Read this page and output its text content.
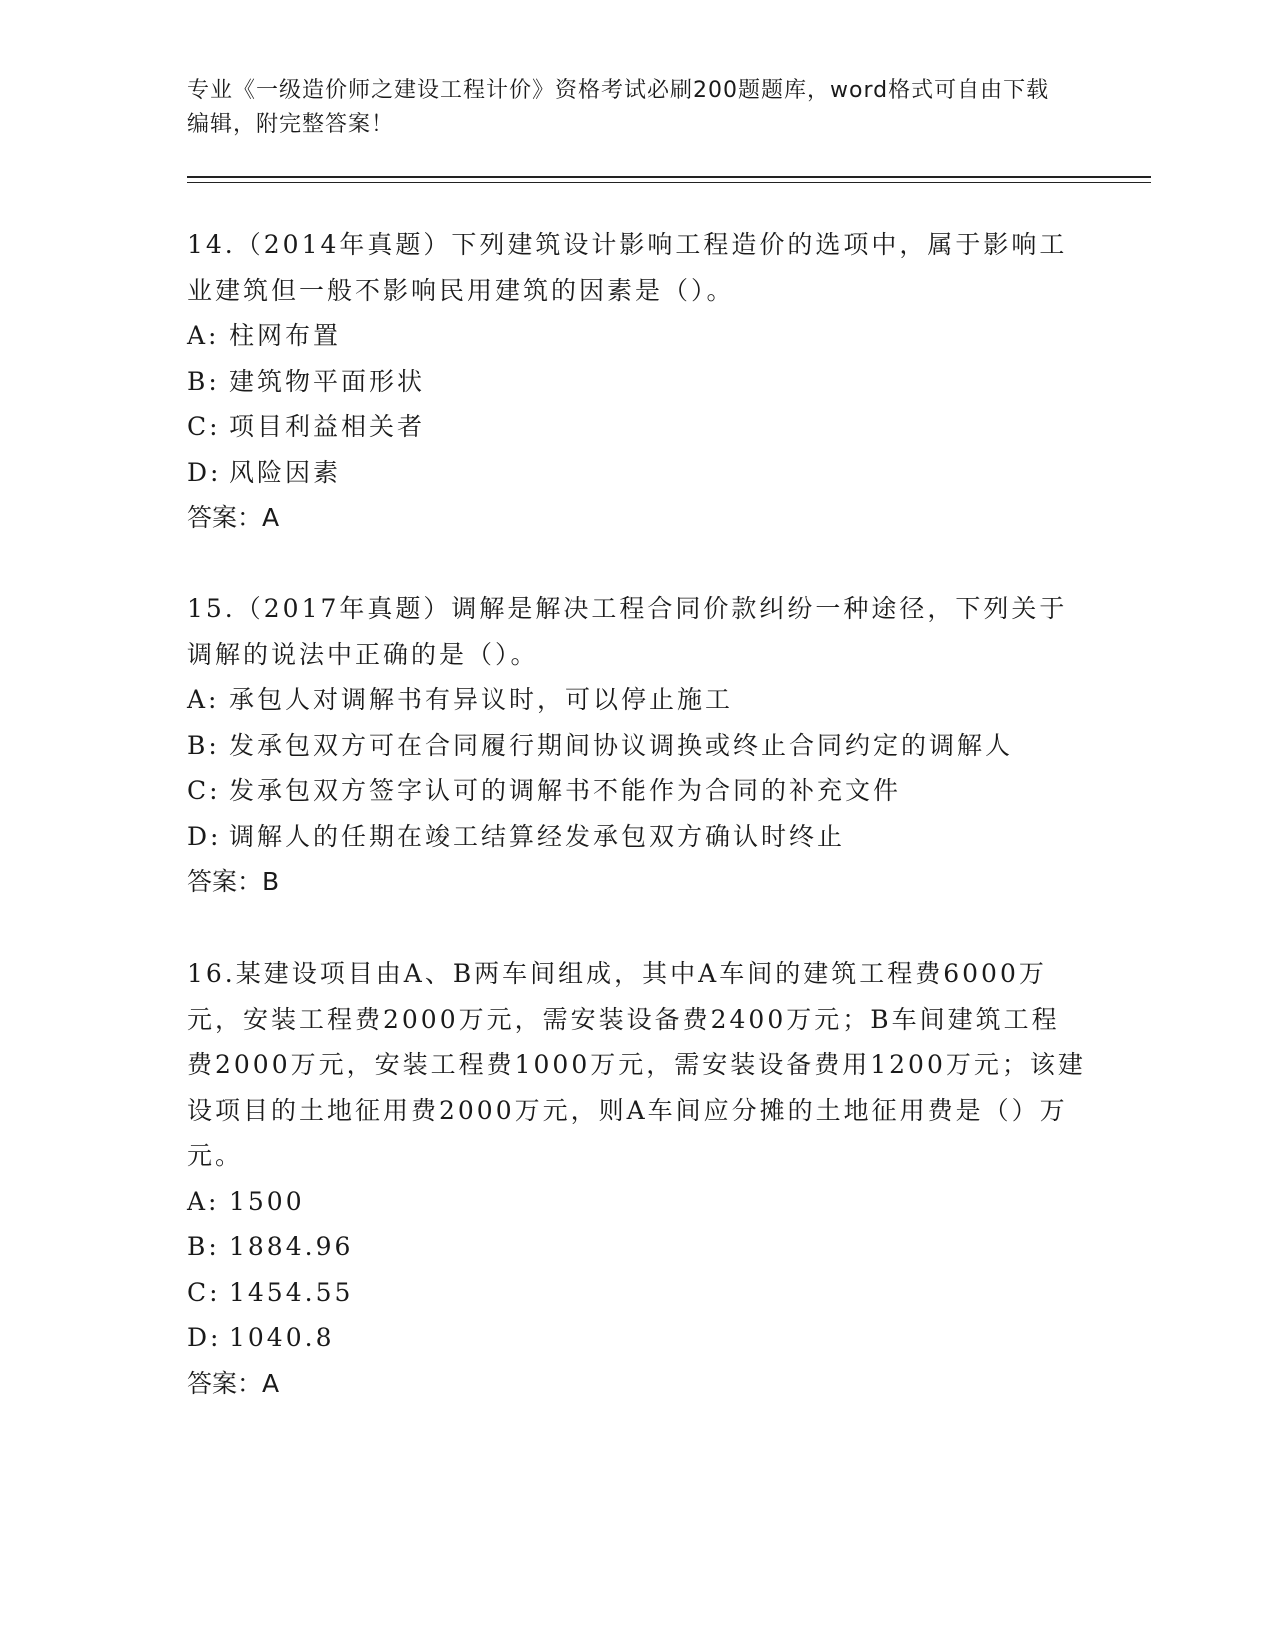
专业《一级造价师之建设工程计价》资格考试必刷200题题库，word格式可自由下载编辑，附完整答案！

14.（2014年真题）下列建筑设计影响工程造价的选项中，属于影响工业建筑但一般不影响民用建筑的因素是（）。

A: 柱网布置

B: 建筑物平面形状

C: 项目利益相关者

D: 风险因素

答案：A

15.（2017年真题）调解是解决工程合同价款纠纷一种途径，下列关于调解的说法中正确的是（）。

A: 承包人对调解书有异议时，可以停止施工

B: 发承包双方可在合同履行期间协议调换或终止合同约定的调解人

C: 发承包双方签字认可的调解书不能作为合同的补充文件

D: 调解人的任期在竣工结算经发承包双方确认时终止

答案：B

16.某建设项目由A、B两车间组成，其中A车间的建筑工程费6000万元，安装工程费2000万元，需安装设备费2400万元；B车间建筑工程费2000万元，安装工程费1000万元，需安装设备费用1200万元；该建设项目的土地征用费2000万元，则A车间应分摊的土地征用费是（）万元。

A: 1500

B: 1884.96

C: 1454.55

D: 1040.8

答案：A
